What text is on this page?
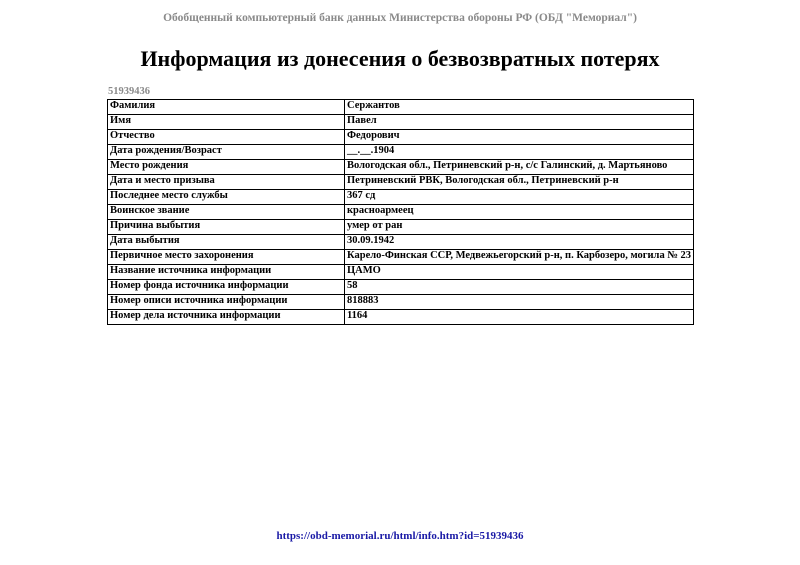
Обобщенный компьютерный банк данных Министерства обороны РФ (ОБД "Мемориал")
Информация из донесения о безвозвратных потерях
51939436
Фамилия	Сержантов
Имя	Павел
Отчество	Федорович
Дата рождения/Возраст	__.__.1904
Место рождения	Вологодская обл., Петриневский р-н, с/с Галинский, д. Мартьяново
Дата и место призыва	Петриневский РВК, Вологодская обл., Петриневский р-н
Последнее место службы	367 сд
Воинское звание	красноармеец
Причина выбытия	умер от ран
Дата выбытия	30.09.1942
Первичное место захоронения	Карело-Финская ССР, Медвежьегорский р-н, п. Карбозеро, могила № 23
Название источника информации	ЦАМО
Номер фонда источника информации	58
Номер описи источника информации	818883
Номер дела источника информации	1164
https://obd-memorial.ru/html/info.htm?id=51939436
